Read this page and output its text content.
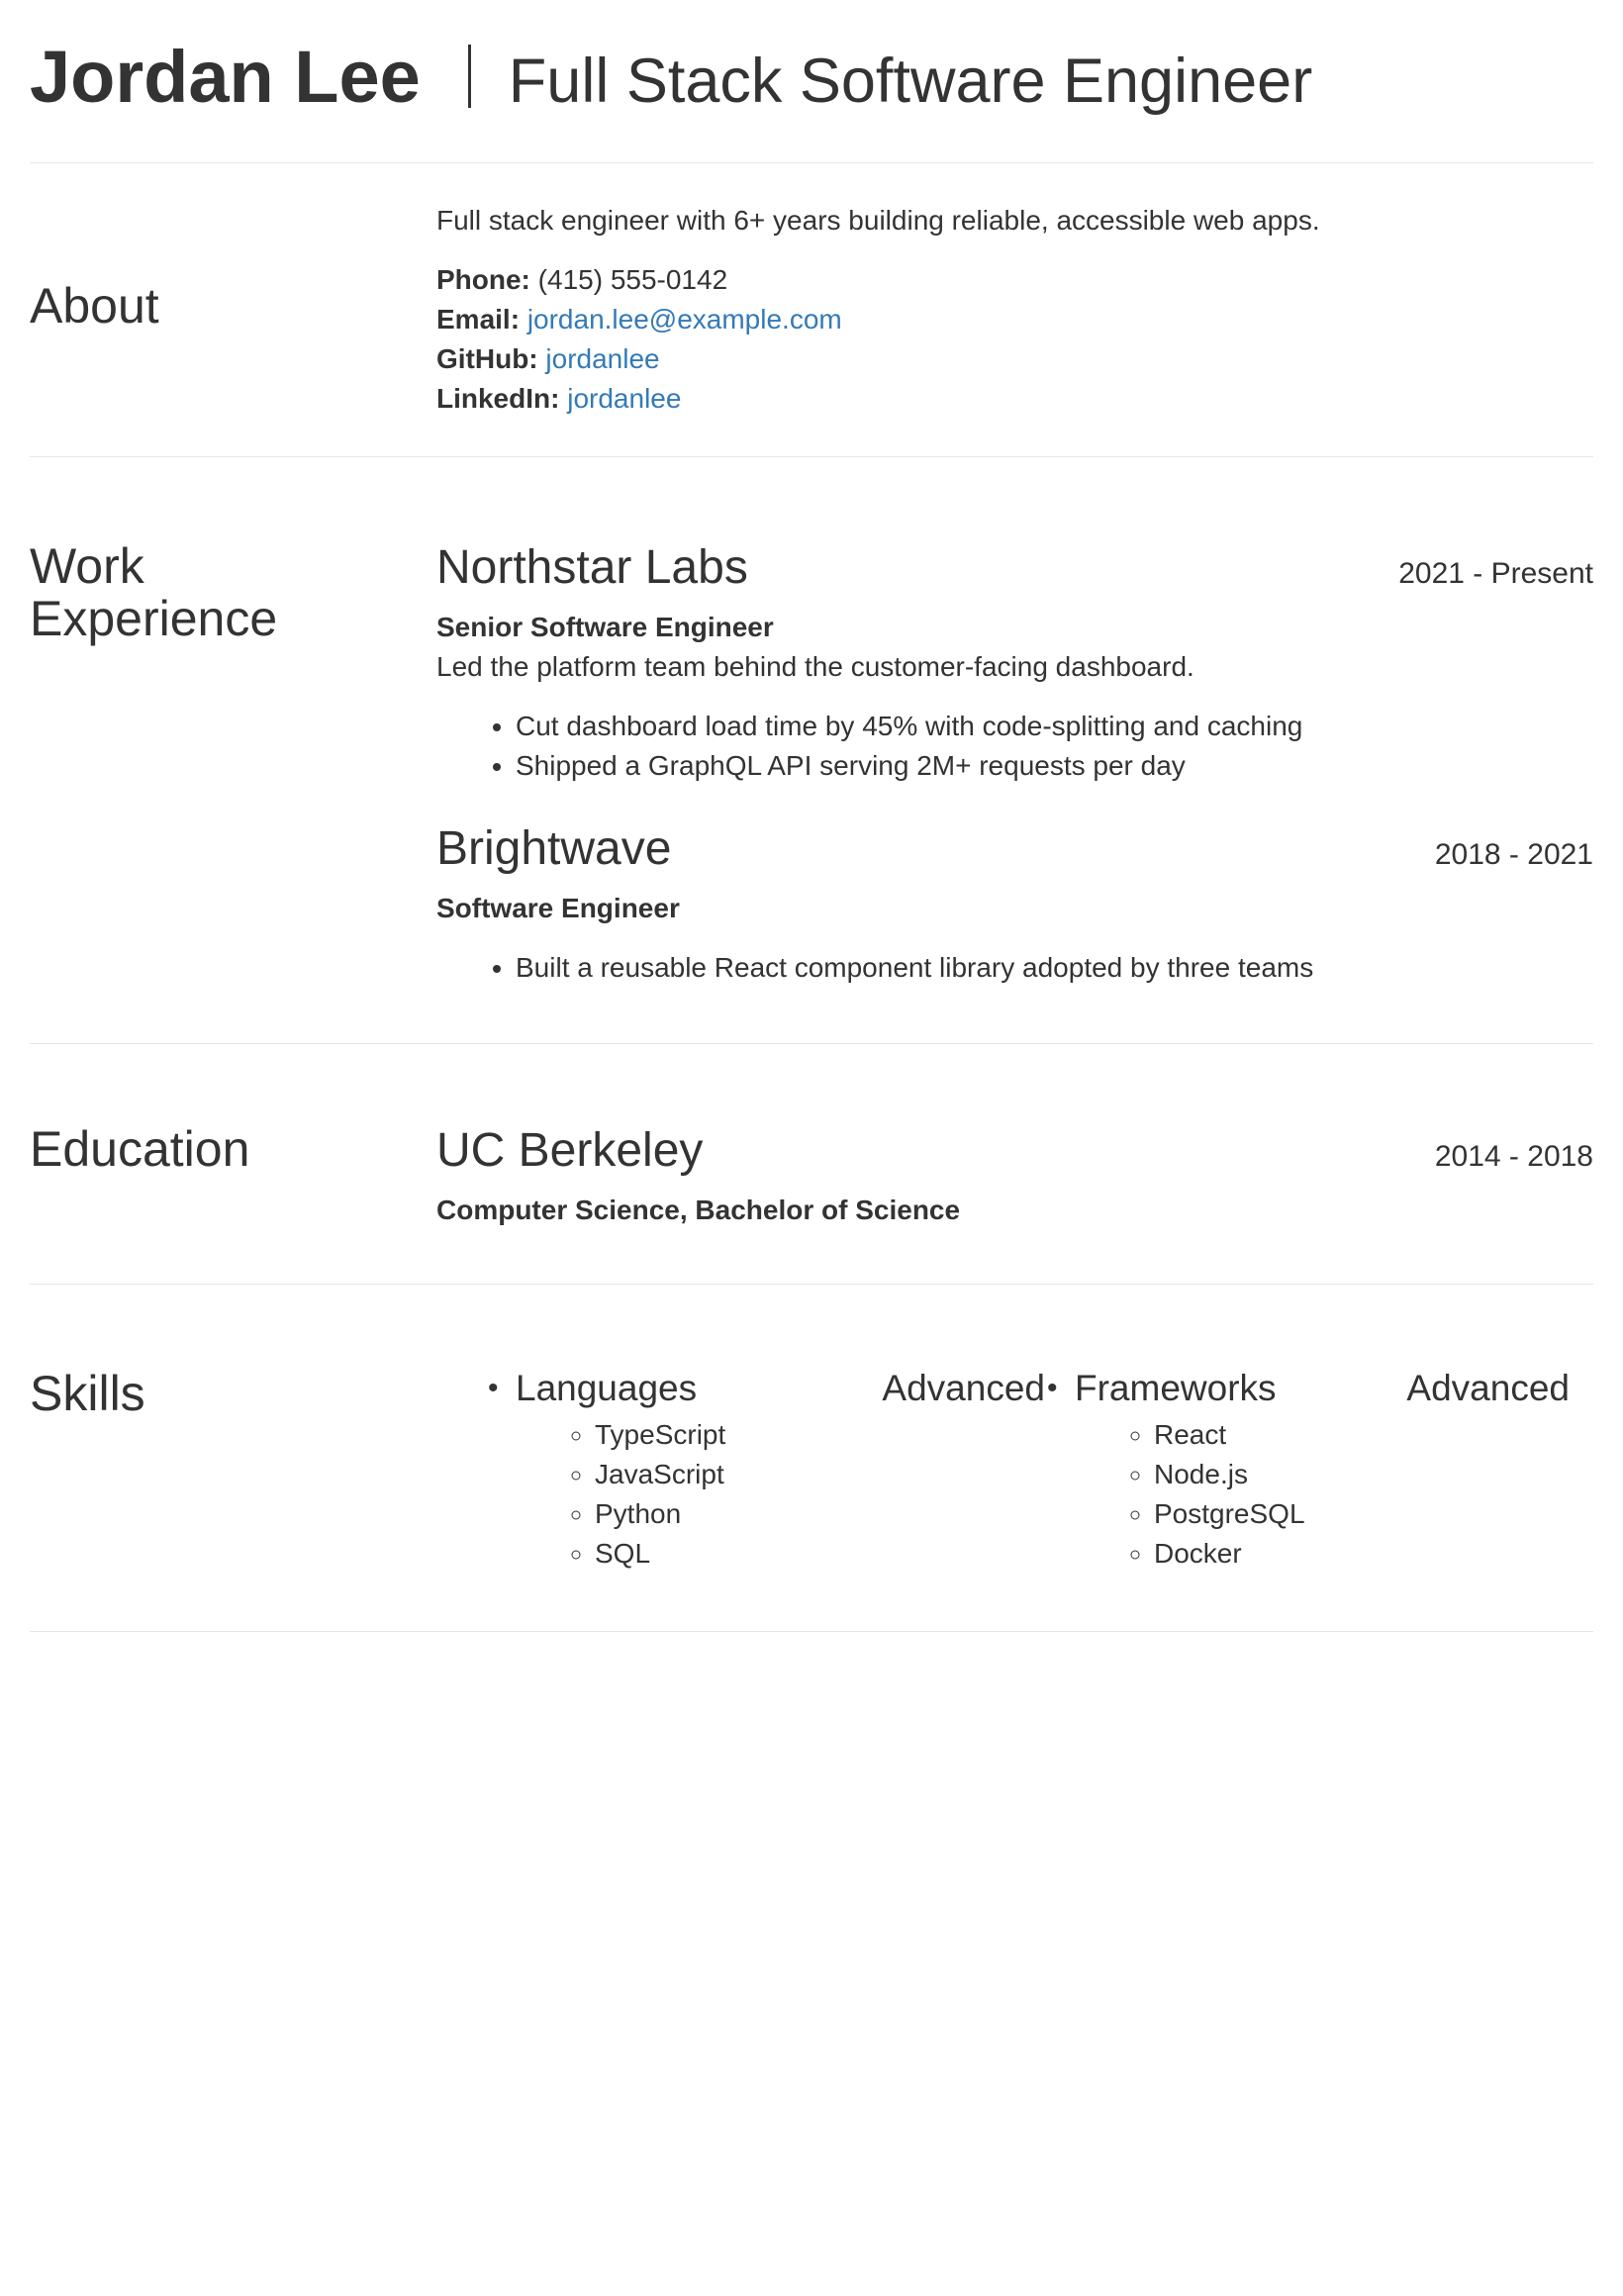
Jordan Lee Full Stack Software Engineer
About
Full stack engineer with 6+ years building reliable, accessible web apps.
Phone: (415) 555-0142
Email: jordan.lee@example.com
GitHub: jordanlee
LinkedIn: jordanlee
Work
Experience
Northstar Labs	2021 - Present
Senior Software Engineer
Led the platform team behind the customer-facing dashboard.
• Cut dashboard load time by 45% with code-splitting and caching
• Shipped a GraphQL API serving 2M+ requests per day
Brightwave	2018 - 2021
Software Engineer
• Built a reusable React component library adopted by three teams
Education	UC Berkeley	2014 - 2018
Computer Science, Bachelor of Science
Skills	• Languages	Advanced
◦ TypeScript
◦ JavaScript
◦ Python
◦ SQL
• Frameworks	Advanced
◦ React
◦ Node.js
◦ PostgreSQL
◦ Docker
